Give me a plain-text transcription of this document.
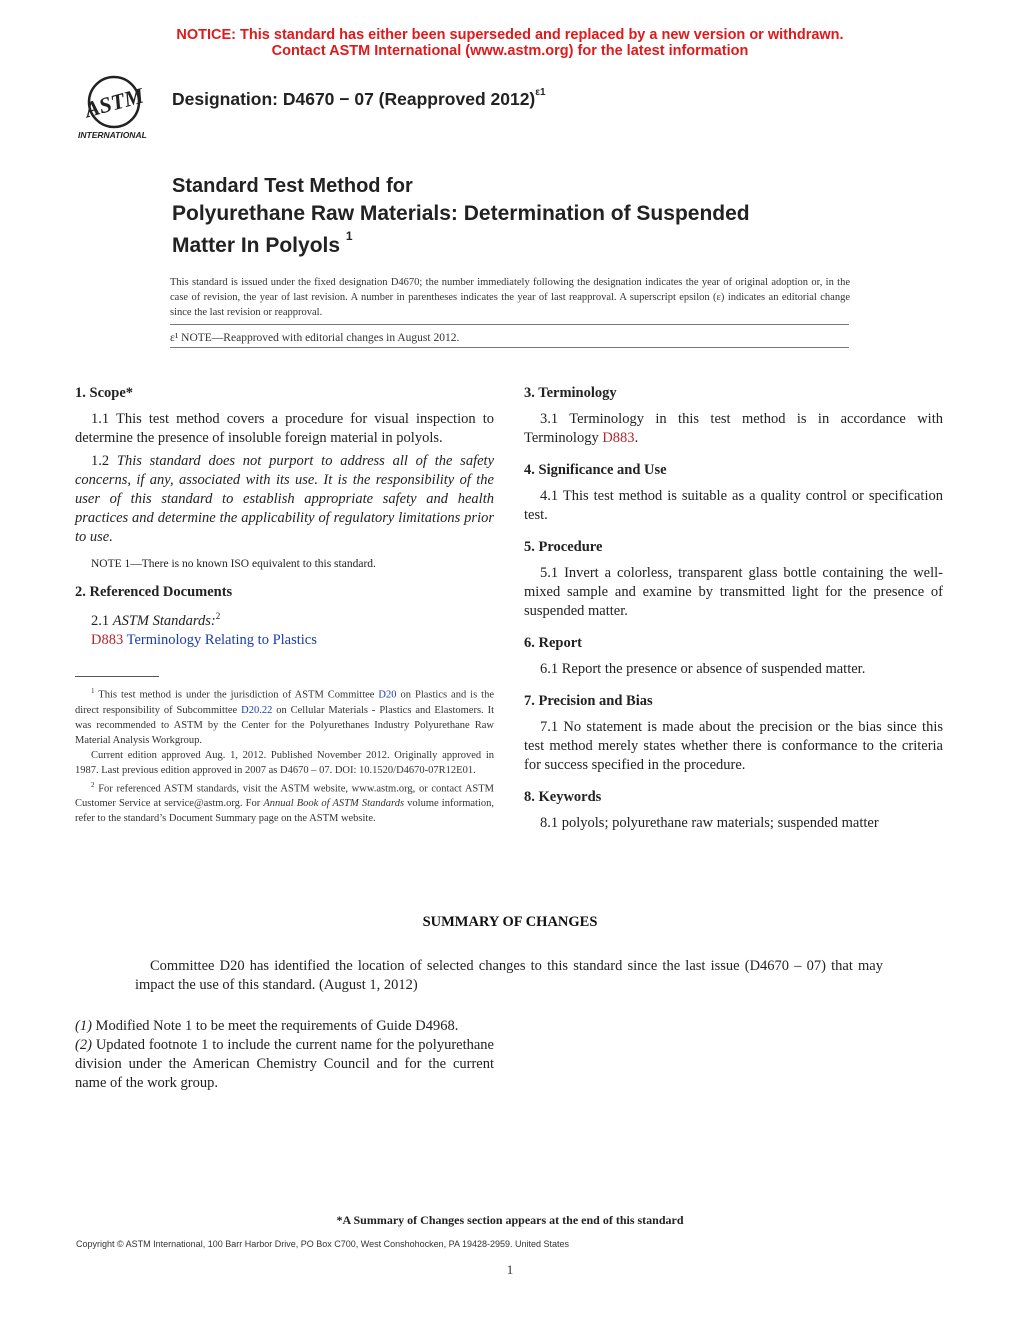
NOTICE: This standard has either been superseded and replaced by a new version or withdrawn.
Contact ASTM International (www.astm.org) for the latest information
ASTM
INTERNATIONAL
Designation: D4670 − 07 (Reapproved 2012)$^{\varepsilon 1}$
Standard Test Method for
Polyurethane Raw Materials: Determination of Suspended
Matter In Polyols $^1$
This standard is issued under the fixed designation D4670; the number immediately following the designation indicates the year of original adoption or, in the case of revision, the year of last revision. A number in parentheses indicates the year of last reapproval. A superscript epsilon (ε) indicates an editorial change since the last revision or reapproval.
ε¹ NOTE—Reapproved with editorial changes in August 2012.

1. Scope*

1.1 This test method covers a procedure for visual inspection to determine the presence of insoluble foreign material in polyols.

1.2 This standard does not purport to address all of the safety concerns, if any, associated with its use. It is the responsibility of the user of this standard to establish appropriate safety and health practices and determine the applicability of regulatory limitations prior to use.

NOTE 1—There is no known ISO equivalent to this standard.

2. Referenced Documents

2.1 ASTM Standards:$^2$

D883 Terminology Relating to Plastics

$^1$ This test method is under the jurisdiction of ASTM Committee D20 on Plastics and is the direct responsibility of Subcommittee D20.22 on Cellular Materials - Plastics and Elastomers. It was recommended to ASTM by the Center for the Polyurethanes Industry Polyurethane Raw Material Analysis Workgroup.

Current edition approved Aug. 1, 2012. Published November 2012. Originally approved in 1987. Last previous edition approved in 2007 as D4670 – 07. DOI: 10.1520/D4670-07R12E01.

$^2$ For referenced ASTM standards, visit the ASTM website, www.astm.org, or contact ASTM Customer Service at service@astm.org. For Annual Book of ASTM Standards volume information, refer to the standard’s Document Summary page on the ASTM website.

3. Terminology

3.1 Terminology in this test method is in accordance with Terminology D883.

4. Significance and Use

4.1 This test method is suitable as a quality control or specification test.

5. Procedure

5.1 Invert a colorless, transparent glass bottle containing the well-mixed sample and examine by transmitted light for the presence of suspended matter.

6. Report

6.1 Report the presence or absence of suspended matter.

7. Precision and Bias

7.1 No statement is made about the precision or the bias since this test method merely states whether there is conformance to the criteria for success specified in the procedure.

8. Keywords

8.1 polyols; polyurethane raw materials; suspended matter

SUMMARY OF CHANGES
Committee D20 has identified the location of selected changes to this standard since the last issue (D4670 – 07) that may impact the use of this standard. (August 1, 2012)

(1) Modified Note 1 to be meet the requirements of Guide D4968.

(2) Updated footnote 1 to include the current name for the polyurethane division under the American Chemistry Council and for the current name of the work group.

*A Summary of Changes section appears at the end of this standard
Copyright © ASTM International, 100 Barr Harbor Drive, PO Box C700, West Conshohocken, PA 19428-2959. United States
1
